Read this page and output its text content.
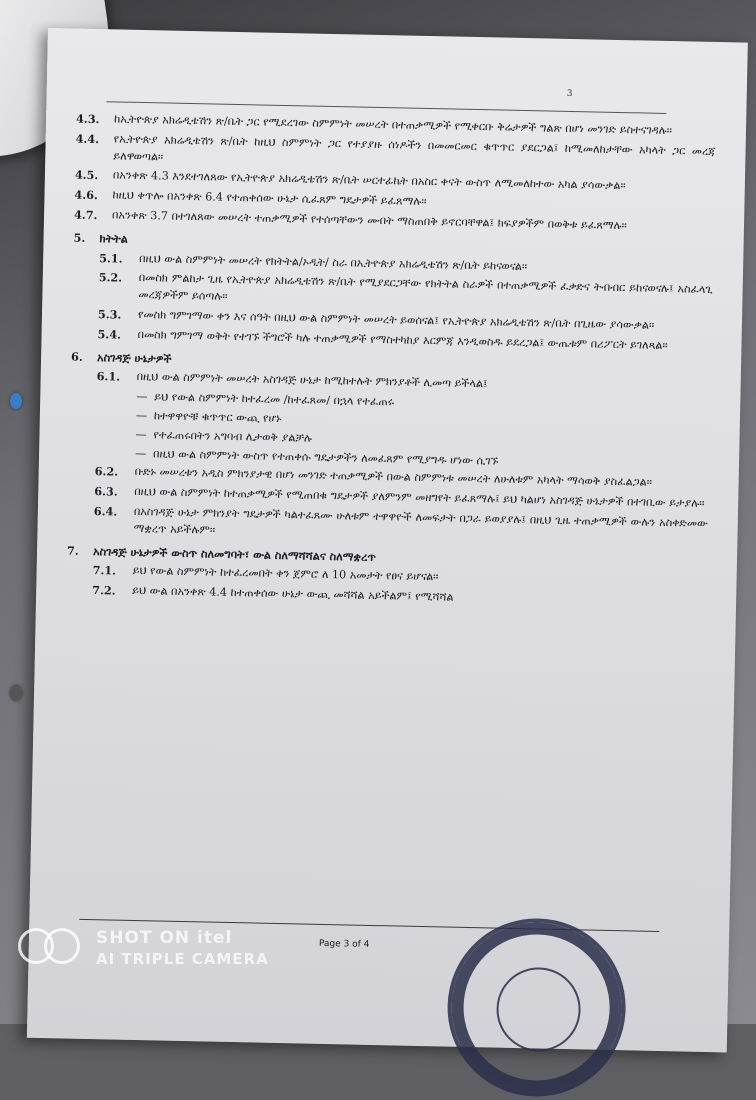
3
4.3.	ከኢትዮጵያ አክሬዲቴሽን ጽ/ቤት ጋር የሚደረገው ስምምነት መሠረት በተጠቃሚዎች የሚቀርቡ ቅሬታዎች ግልጽ በሆነ መንገድ ይስተናገዳሉ።
4.4.	የኢትዮጵያ አክሬዲቴሽን ጽ/ቤት ከዚህ ስምምነት ጋር የተያያዙ ሰነዶችን በመመርመር ቁጥጥር ያደርጋል፤ ከሚመለከታቸው አካላት ጋር መረጃ ይለዋወጣል።
4.5.	በአንቀጽ 4.3 እንደተገለጸው የኢትዮጵያ አክሬዲቴሽን ጽ/ቤት ሠርተፊኬት በአስር ቀናት ውስጥ ለሚመለከተው አካል ያሳውቃል።
4.6.	ከዚህ ቀጥሎ በአንቀጽ 6.4 የተጠቀሰው ሁኔታ ሲፈጸም ግዴታዎች ይፈጸማሉ።
4.7.	በአንቀጽ 3.7 በተገለጸው መሠረት ተጠቃሚዎች የተሰጣቸውን መብት ማስጠበቅ ይኖርባቸዋል፤ ክፍያዎችም በወቅቱ ይፈጸማሉ።
5.	ክትትል
5.1.	በዚህ ውል ስምምነት መሠረት የክትትል/ኦዲት/ ስራ በኢትዮጵያ አክሬዲቴሽን ጽ/ቤት ይከናወናል።
5.2.	በመስክ ምልከታ ጊዜ የኢትዮጵያ አክሬዲቴሽን ጽ/ቤት የሚያደርጋቸው የክትትል ስራዎች በተጠቃሚዎች ፈቃድና ትብብር ይከናወናሉ፤ አስፈላጊ መረጃዎችም ይሰጣሉ።
5.3.	የመስክ ግምገማው ቀን እና ሰዓት በዚህ ውል ስምምነት መሠረት ይወሰናል፤ የኢትዮጵያ አክሬዲቴሽን ጽ/ቤት በጊዜው ያሳውቃል።
5.4.	በመስክ ግምገማ ወቅት የተገኙ ችግሮች ካሉ ተጠቃሚዎች የማስተካከያ እርምጃ እንዲወስዱ ይደረጋል፤ ውጤቱም በሪፖርት ይገለጻል።
6.	አስገዳጅ ሁኔታዎች
6.1.	በዚህ ውል ስምምነት መሠረት አስገዳጅ ሁኔታ ከሚከተሉት ምክንያቶች ሊመጣ ይችላል፤
— ይህ የውል ስምምነት ከተፈረመ /ከተፈጸመ/ በኋላ የተፈጠሩ
— ከተዋዋዮቹ ቁጥጥር ውጪ የሆኑ
— የተፈጠሩበትን አግባብ ሊታወቅ ያልቻሉ
— በዚህ ውል ስምምነት ውስጥ የተጠቀሱ ግዴታዎችን ለመፈጸም የሚያግዱ ሆነው ሲገኙ
6.2.	ቡድኑ መሠረቱን አዲስ ምክንያታዊ በሆነ መንገድ ተጠቃሚዎች በውል ስምምነቱ መሠረት ለሁለቱም አካላት ማሳወቅ ያስፈልጋል።
6.3.	በዚህ ውል ስምምነት ከተጠቃሚዎች የሚጠበቁ ግዴታዎች ያለምንም መዘግየት ይፈጸማሉ፤ ይህ ካልሆነ አስገዳጅ ሁኔታዎች በተገቢው ይታያሉ።
6.4.	በአስገዳጅ ሁኔታ ምክንያት ግዴታዎች ካልተፈጸሙ ሁለቱም ተዋዋዮች ለመፍታት በጋራ ይወያያሉ፤ በዚህ ጊዜ ተጠቃሚዎች ውሉን አስቀድመው ማቋረጥ አይችሉም።
7.	አስገዳጅ ሁኔታዎች ውስጥ ስለመግባት፣ ውል ስለማሻሻልና ስለማቋረጥ
7.1.	ይህ የውል ስምምነት ከተፈረመበት ቀን ጀምሮ ለ 10 አመታት የፀና ይሆናል።
7.2.	ይህ ውል በአንቀጽ 4.4 ከተጠቀሰው ሁኔታ ውጪ መሻሻል አይችልም፤ የሚሻሻል
Page 3 of 4
SHOT ON itel
AI TRIPLE CAMERA
